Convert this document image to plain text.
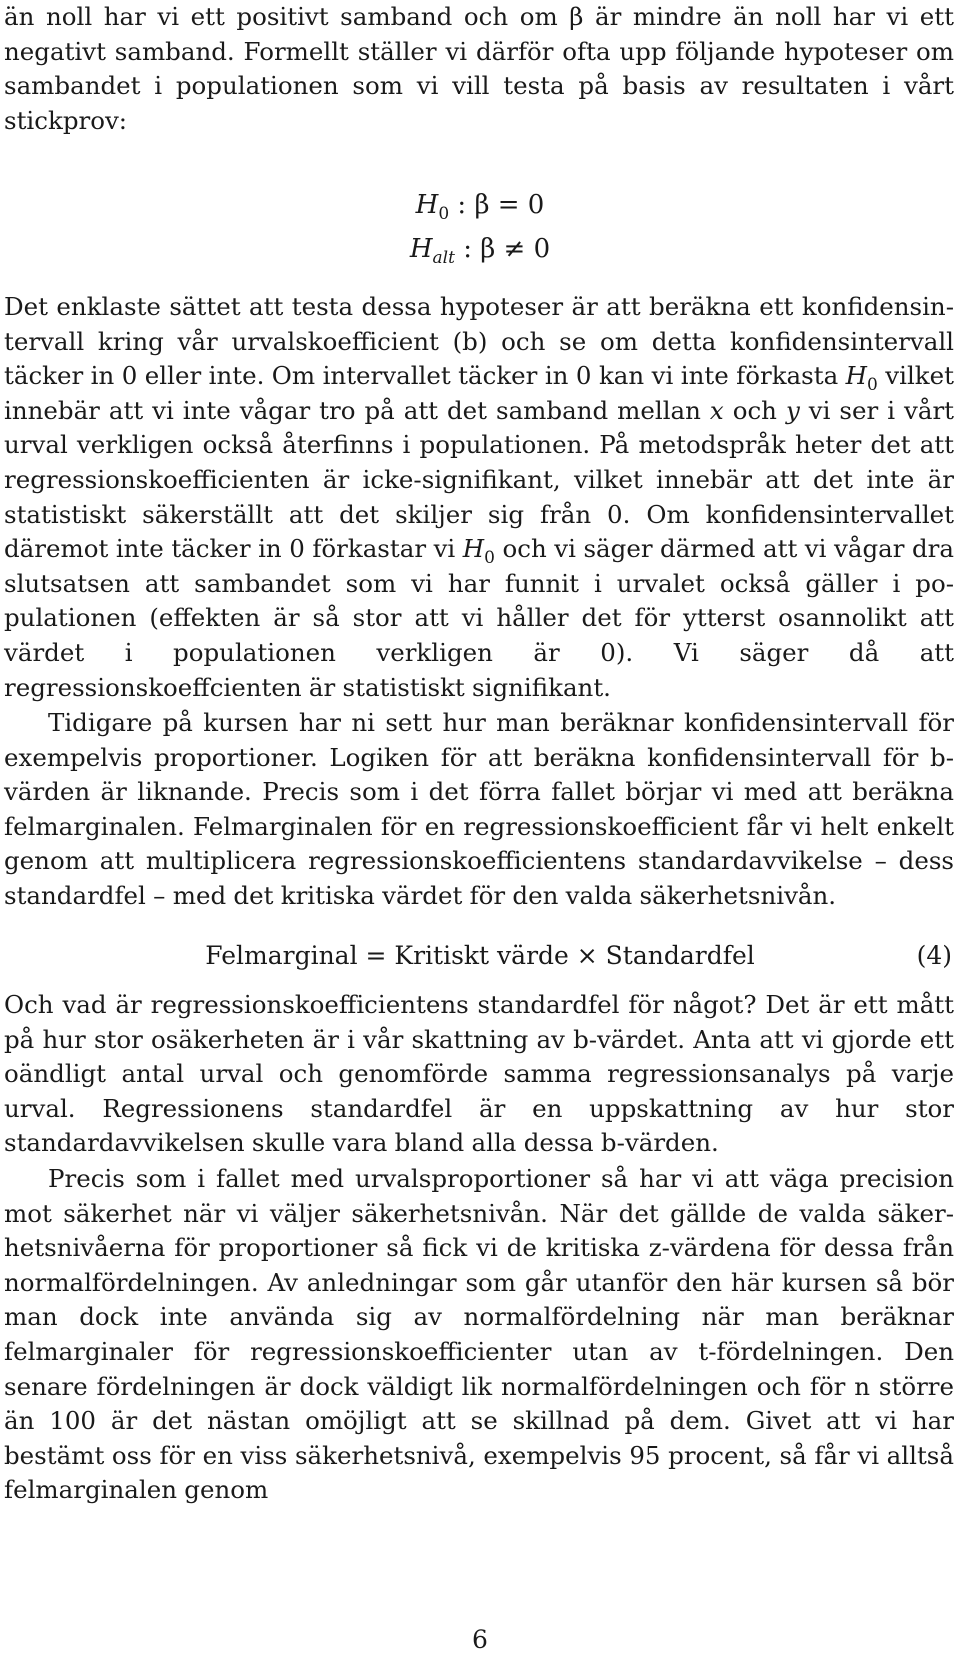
än noll har vi ett positivt samband och om β är mindre än noll har vi ett negativt samband. Formellt ställer vi därför ofta upp följande hypoteser om sambandet i populationen som vi vill testa på basis av resultaten i vårt stickprov:

$H_0$ : β = 0
$H_{alt}$ : β ≠ 0

Det enklaste sättet att testa dessa hypoteser är att beräkna ett konfidensintervall kring vår urvalskoefficient (b) och se om detta konfidensintervall täcker in 0 eller inte. Om intervallet täcker in 0 kan vi inte förkasta $H_0$ vilket innebär att vi inte vågar tro på att det samband mellan x och y vi ser i vårt urval verkligen också återfinns i populationen. På metodspråk heter det att regressionskoefficienten är icke-signifikant, vilket innebär att det inte är statistiskt säkerställt att det skiljer sig från 0. Om konfidensintervallet däremot inte täcker in 0 förkastar vi $H_0$ och vi säger därmed att vi vågar dra slutsatsen att sambandet som vi har funnit i urvalet också gäller i populationen (effekten är så stor att vi håller det för ytterst osannolikt att värdet i populationen verkligen är 0). Vi säger då att regressionskoeffcienten är statistiskt signifikant.

Tidigare på kursen har ni sett hur man beräknar konfidensintervall för exempelvis proportioner. Logiken för att beräkna konfidensintervall för b-värden är liknande. Precis som i det förra fallet börjar vi med att beräkna felmarginalen. Felmarginalen för en regressionskoefficient får vi helt enkelt genom att multiplicera regressionskoefficientens standardavvikelse – dess standardfel – med det kritiska värdet för den valda säkerhetsnivån.

Felmarginal = Kritiskt värde × Standardfel	(4)

Och vad är regressionskoefficientens standardfel för något? Det är ett mått på hur stor osäkerheten är i vår skattning av b-värdet. Anta att vi gjorde ett oändligt antal urval och genomförde samma regressionsanalys på varje urval. Regressionens standardfel är en uppskattning av hur stor standardavvikelsen skulle vara bland alla dessa b-värden.

Precis som i fallet med urvalsproportioner så har vi att väga precision mot säkerhet när vi väljer säkerhetsnivån. När det gällde de valda säkerhetsnivåerna för proportioner så fick vi de kritiska z-värdena för dessa från normalfördelningen. Av anledningar som går utanför den här kursen så bör man dock inte använda sig av normalfördelning när man beräknar felmarginaler för regressionskoefficienter utan av t-fördelningen. Den senare fördelningen är dock väldigt lik normalfördelningen och för n större än 100 är det nästan omöjligt att se skillnad på dem. Givet att vi har bestämt oss för en viss säkerhetsnivå, exempelvis 95 procent, så får vi alltså felmarginalen genom

6
